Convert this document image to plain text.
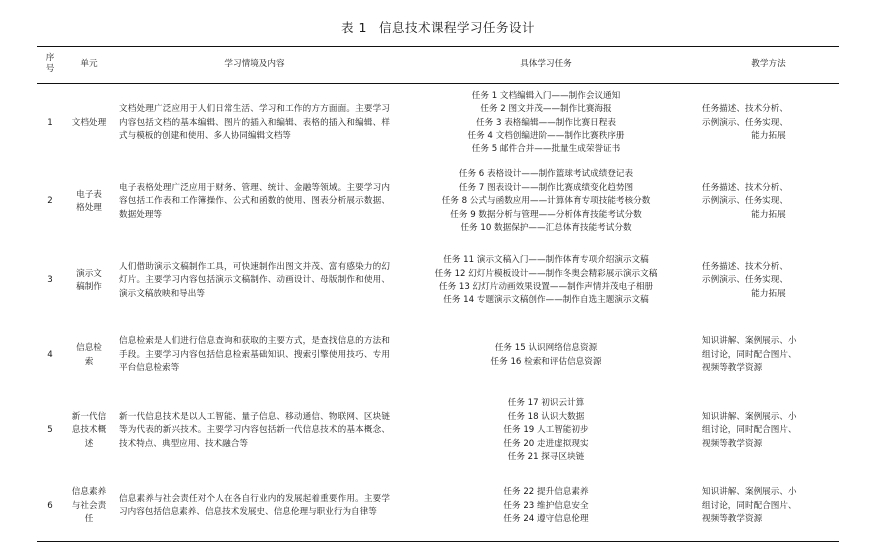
表 1 信息技术课程学习任务设计
序号	单元	学习情境及内容	具体学习任务	教学方法
1	文档处理	文档处理广泛应用于人们日常生活、学习和工作的方方面面。主要学习内容包括文档的基本编辑、图片的插入和编辑、表格的插入和编辑、样式与模板的创建和使用、多人协同编辑文档等	任务 1 文档编辑入门——制作会议通知
任务 2 图文并茂——制作比赛海报
任务 3 表格编辑——制作比赛日程表
任务 4 文档创编进阶——制作比赛秩序册
任务 5 邮件合并——批量生成荣誉证书	任务描述、技术分析、
示例演示、任务实现、
能力拓展

2	电子表格处理	电子表格处理广泛应用于财务、管理、统计、金融等领域。主要学习内容包括工作表和工作簿操作、公式和函数的使用、图表分析展示数据、数据处理等	任务 6 表格设计——制作篮球考试成绩登记表
任务 7 图表设计——制作比赛成绩变化趋势图
任务 8 公式与函数应用——计算体育专项技能考核分数
任务 9 数据分析与管理——分析体育技能考试分数
任务 10 数据保护——汇总体育技能考试分数	任务描述、技术分析、
示例演示、任务实现、
能力拓展

3	演示文稿制作	人们借助演示文稿制作工具，可快速制作出图文并茂、富有感染力的幻灯片。主要学习内容包括演示文稿制作、动画设计、母版制作和使用、演示文稿放映和导出等	任务 11 演示文稿入门——制作体育专项介绍演示文稿
任务 12 幻灯片模板设计——制作冬奥会精彩展示演示文稿
任务 13 幻灯片动画效果设置——制作声情并茂电子相册
任务 14 专题演示文稿创作——制作自选主题演示文稿	任务描述、技术分析、
示例演示、任务实现、
能力拓展

4	信息检索	信息检索是人们进行信息查询和获取的主要方式，是查找信息的方法和手段。主要学习内容包括信息检索基础知识、搜索引擎使用技巧、专用平台信息检索等	任务 15 认识网络信息资源
任务 16 检索和评估信息资源	知识讲解、案例展示、小
组讨论，同时配合图片、
视频等教学资源

5	新一代信息技术概述	新一代信息技术是以人工智能、量子信息、移动通信、物联网、区块链等为代表的新兴技术。主要学习内容包括新一代信息技术的基本概念、技术特点、典型应用、技术融合等	任务 17 初识云计算
任务 18 认识大数据
任务 19 人工智能初步
任务 20 走进虚拟现实
任务 21 探寻区块链	知识讲解、案例展示、小
组讨论，同时配合图片、
视频等教学资源

6	信息素养与社会责任	信息素养与社会责任对个人在各自行业内的发展起着重要作用。主要学习内容包括信息素养、信息技术发展史、信息伦理与职业行为自律等	任务 22 提升信息素养
任务 23 维护信息安全
任务 24 遵守信息伦理	知识讲解、案例展示、小
组讨论，同时配合图片、
视频等教学资源
